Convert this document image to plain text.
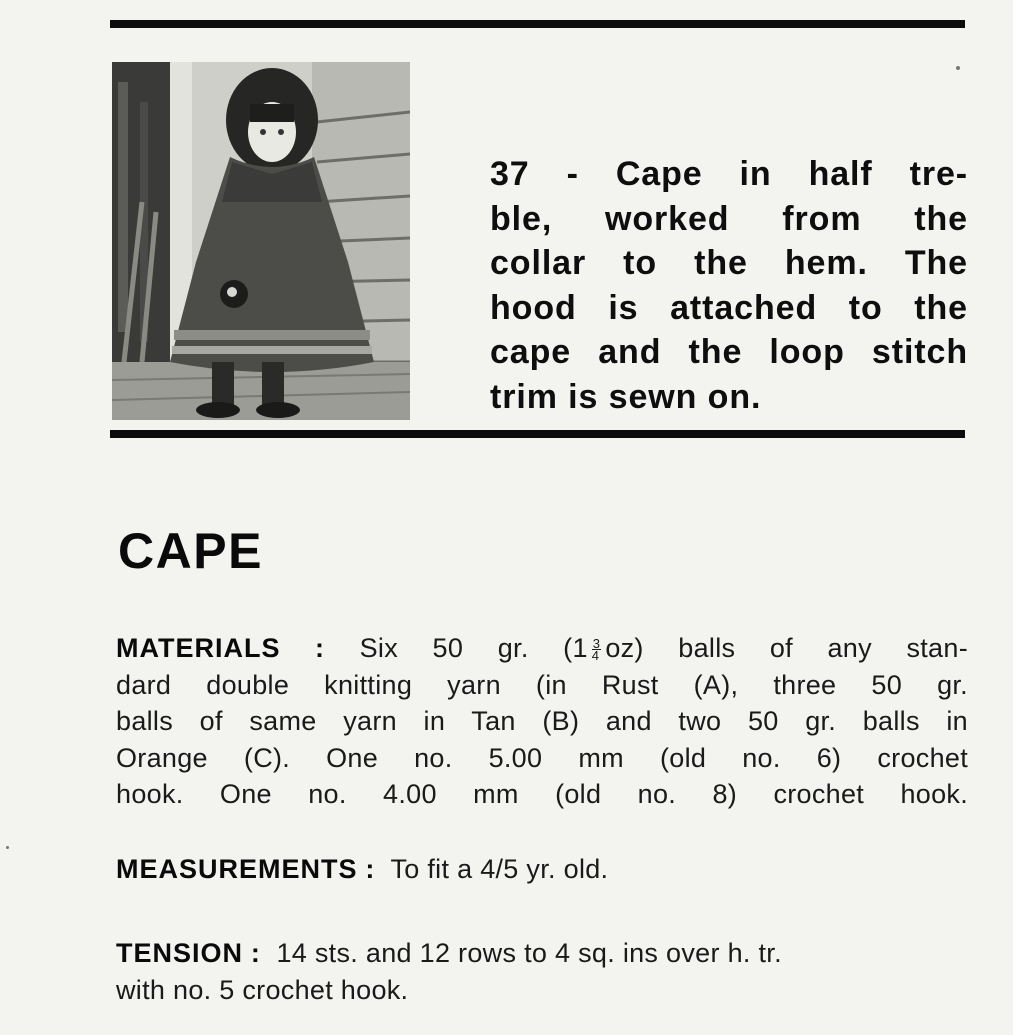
37 - Cape in half tre-
ble, worked from the
collar to the hem. The
hood is attached to the
cape and the loop stitch
trim is sewn on.
CAPE
MATERIALS : Six 50 gr. $(1 \frac{3}{4} oz)$ balls of any stan-
dard double knitting yarn (in Rust (A), three 50 gr.
balls of same yarn in Tan (B) and two 50 gr. balls in
Orange (C). One no. 5.00 mm (old no. 6) crochet
hook. One no. 4.00 mm (old no. 8) crochet hook.
MEASUREMENTS : To fit a 4/5 yr. old.
TENSION : 14 sts. and 12 rows to 4 sq. ins over h. tr.
with no. 5 crochet hook.
